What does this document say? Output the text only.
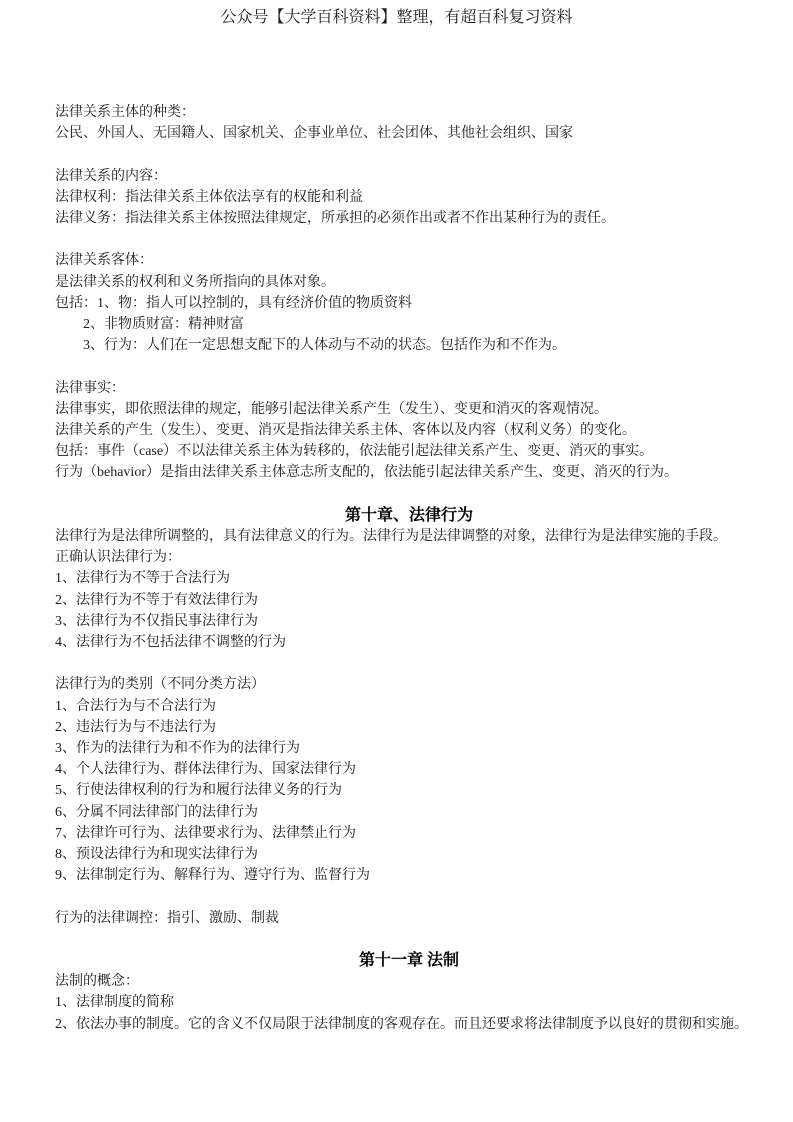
公众号【大学百科资料】整理，有超百科复习资料
法律关系主体的种类：
公民、外国人、无国籍人、国家机关、企事业单位、社会团体、其他社会组织、国家
法律关系的内容：
法律权利：指法律关系主体依法享有的权能和利益
法律义务：指法律关系主体按照法律规定，所承担的必须作出或者不作出某种行为的责任。
法律关系客体：
是法律关系的权利和义务所指向的具体对象。
包括：1、物：指人可以控制的，具有经济价值的物质资料
2、非物质财富：精神财富
3、行为：人们在一定思想支配下的人体动与不动的状态。包括作为和不作为。
法律事实：
法律事实，即依照法律的规定，能够引起法律关系产生（发生）、变更和消灭的客观情况。
法律关系的产生（发生）、变更、消灭是指法律关系主体、客体以及内容（权利义务）的变化。
包括：事件（case）不以法律关系主体为转移的，依法能引起法律关系产生、变更、消灭的事实。
行为（behavior）是指由法律关系主体意志所支配的，依法能引起法律关系产生、变更、消灭的行为。
第十章、法律行为
法律行为是法律所调整的，具有法律意义的行为。法律行为是法律调整的对象，法律行为是法律实施的手段。
正确认识法律行为：
1、法律行为不等于合法行为
2、法律行为不等于有效法律行为
3、法律行为不仅指民事法律行为
4、法律行为不包括法律不调整的行为
法律行为的类别（不同分类方法）
1、合法行为与不合法行为
2、违法行为与不违法行为
3、作为的法律行为和不作为的法律行为
4、个人法律行为、群体法律行为、国家法律行为
5、行使法律权利的行为和履行法律义务的行为
6、分属不同法律部门的法律行为
7、法律许可行为、法律要求行为、法律禁止行为
8、预设法律行为和现实法律行为
9、法律制定行为、解释行为、遵守行为、监督行为
行为的法律调控：指引、激励、制裁
第十一章 法制
法制的概念：
1、法律制度的简称
2、依法办事的制度。它的含义不仅局限于法律制度的客观存在。而且还要求将法律制度予以良好的贯彻和实施。
